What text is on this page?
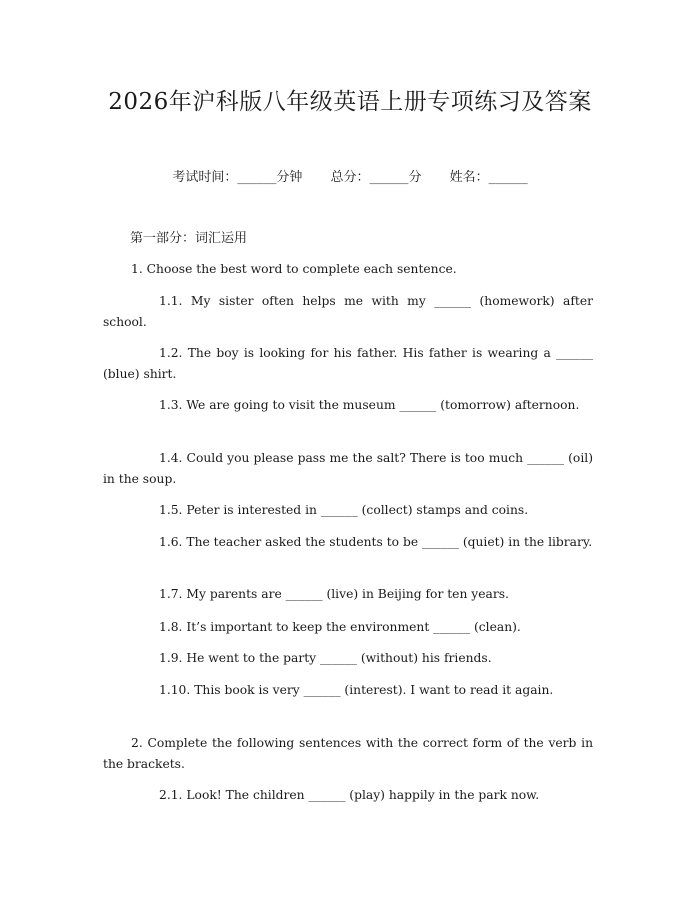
2026年沪科版八年级英语上册专项练习及答案
考试时间：______分钟 总分：______分 姓名：______
第一部分：词汇运用

1. Choose the best word to complete each sentence.

1.1. My sister often helps me with my ______ (homework) after school.

1.2. The boy is looking for his father. His father is wearing a ______ (blue) shirt.

1.3. We are going to visit the museum ______ (tomorrow) afternoon.

1.4. Could you please pass me the salt? There is too much ______ (oil) in the soup.

1.5. Peter is interested in ______ (collect) stamps and coins.

1.6. The teacher asked the students to be ______ (quiet) in the library.

1.7. My parents are ______ (live) in Beijing for ten years.

1.8. It’s important to keep the environment ______ (clean).

1.9. He went to the party ______ (without) his friends.

1.10. This book is very ______ (interest). I want to read it again.

2. Complete the following sentences with the correct form of the verb in the brackets.

2.1. Look! The children ______ (play) happily in the park now.
